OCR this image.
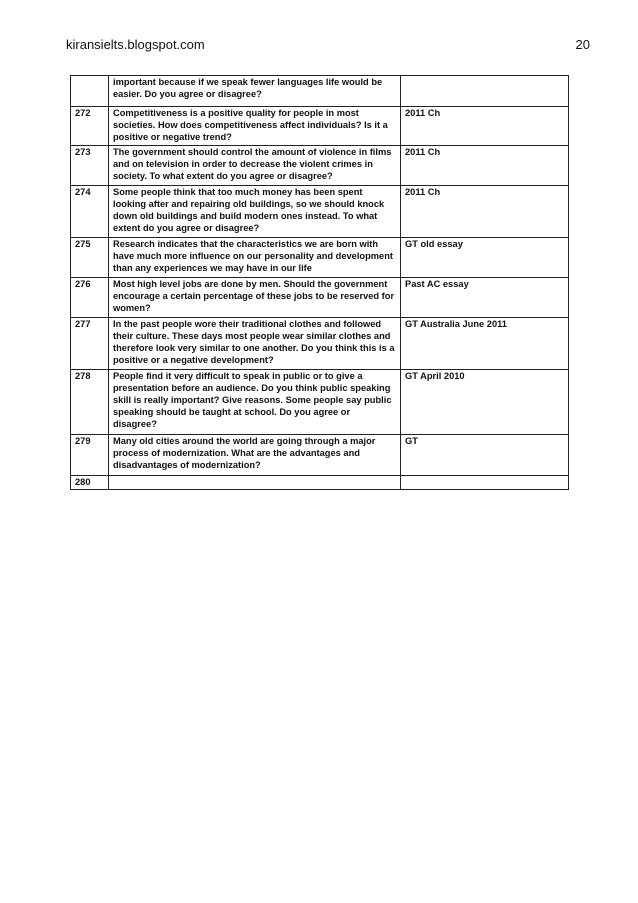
kiransielts.blogspot.com	20
	important because if we speak fewer languages life would be easier. Do you agree or disagree?	
272	Competitiveness is a positive quality for people in most societies. How does competitiveness affect individuals? Is it a positive or negative trend?	2011 Ch
273	The government should control the amount of violence in films and on television in order to decrease the violent crimes in society. To what extent do you agree or disagree?	2011 Ch
274	Some people think that too much money has been spent looking after and repairing old buildings, so we should knock down old buildings and build modern ones instead. To what extent do you agree or disagree?	2011 Ch
275	Research indicates that the characteristics we are born with have much more influence on our personality and development than any experiences we may have in our life	GT old essay
276	Most high level jobs are done by men. Should the government encourage a certain percentage of these jobs to be reserved for women?	Past AC essay
277	In the past people wore their traditional clothes and followed their culture. These days most people wear similar clothes and therefore look very similar to one another. Do you think this is a positive or a negative development?	GT Australia June 2011
278	People find it very difficult to speak in public or to give a presentation before an audience. Do you think public speaking skill is really important? Give reasons. Some people say public speaking should be taught at school. Do you agree or disagree?	GT April 2010
279	Many old cities around the world are going through a major process of modernization. What are the advantages and disadvantages of modernization?	GT
280		
